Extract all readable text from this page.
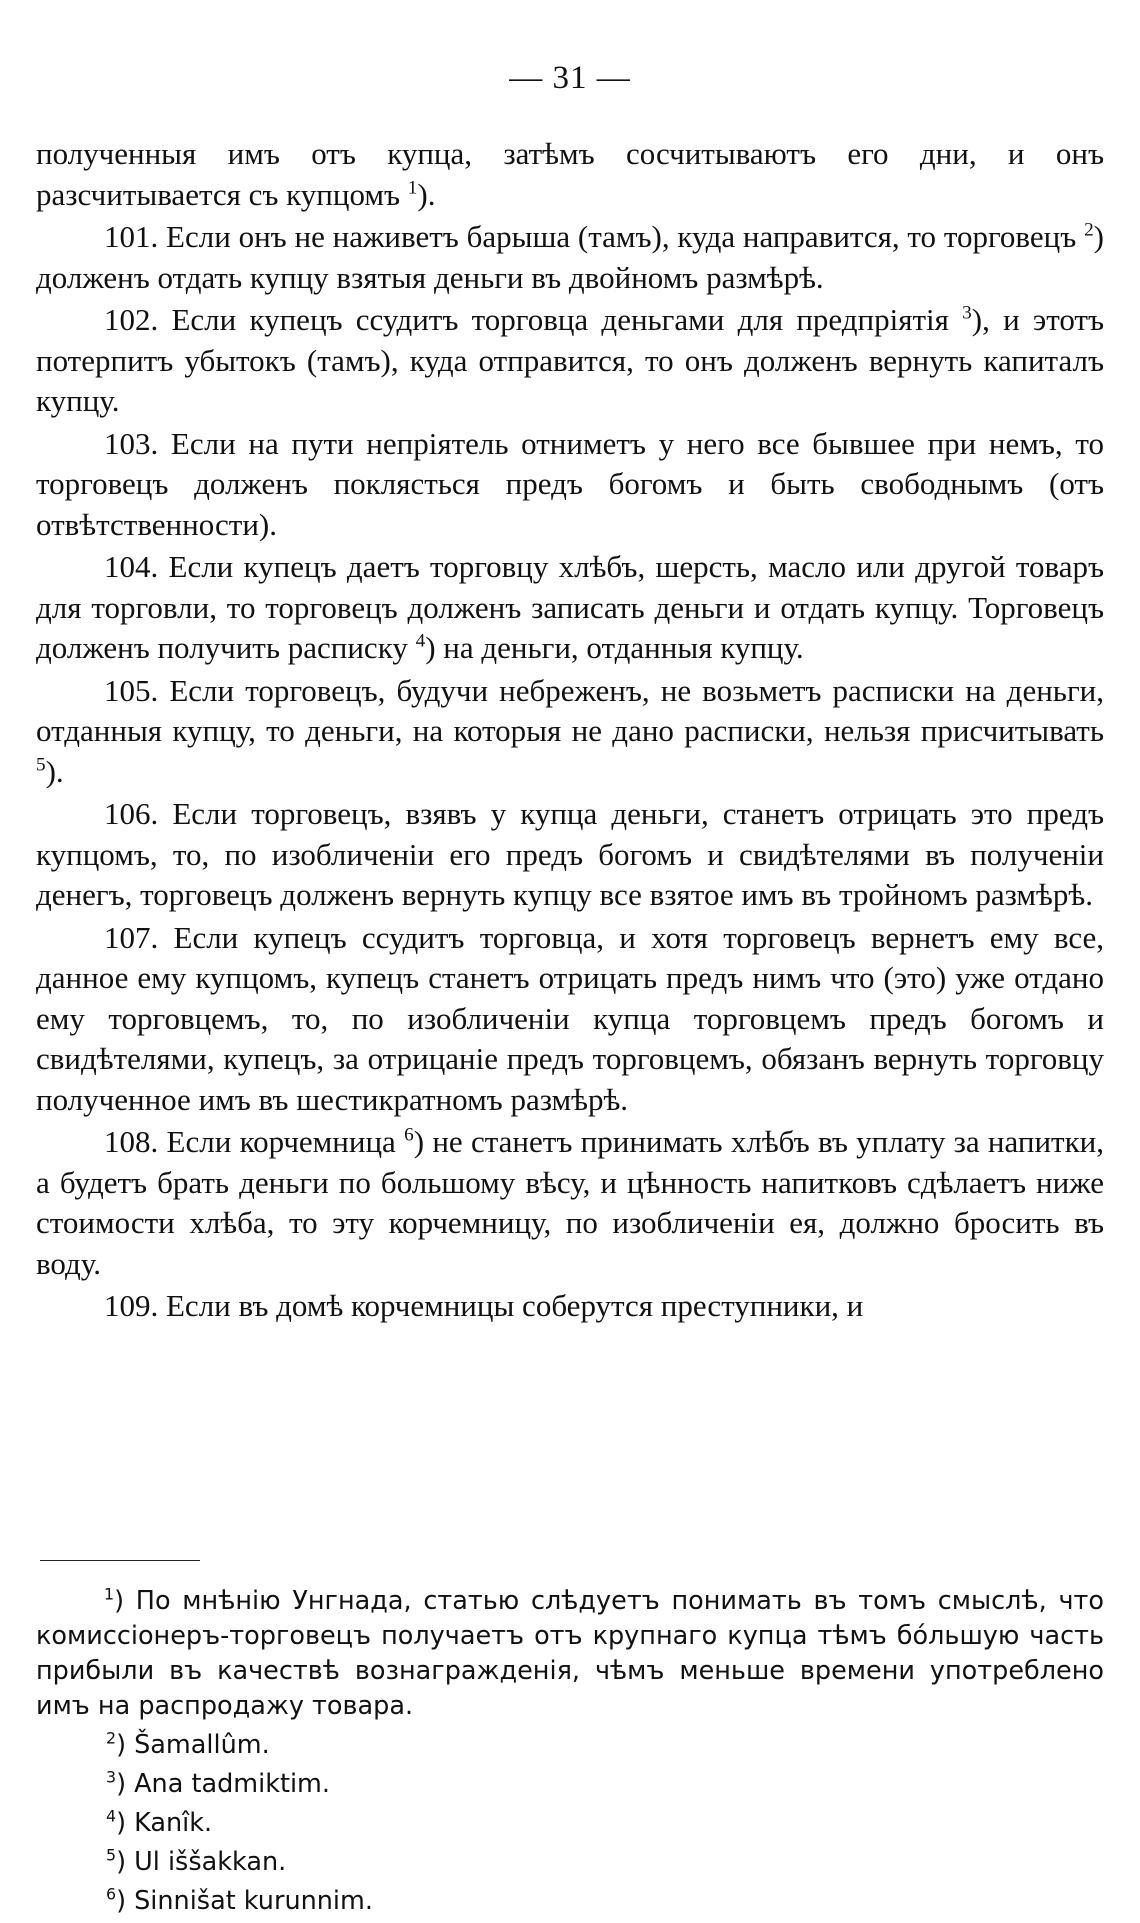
— 31 —

полученныя имъ отъ купца, затѣмъ сосчитываютъ его дни, и онъ разсчитывается съ купцомъ $^1$).

101. Если онъ не наживетъ барыша (тамъ), куда направится, то торговецъ $^2$) долженъ отдать купцу взятыя деньги въ двойномъ размѣрѣ.

102. Если купецъ ссудитъ торговца деньгами для предпріятія $^3$), и этотъ потерпитъ убытокъ (тамъ), куда отправится, то онъ долженъ вернуть капиталъ купцу.

103. Если на пути непріятель отниметъ у него все бывшее при немъ, то торговецъ долженъ поклясться предъ богомъ и быть свободнымъ (отъ отвѣтственности).

104. Если купецъ даетъ торговцу хлѣбъ, шерсть, масло или другой товаръ для торговли, то торговецъ долженъ записать деньги и отдать купцу. Торговецъ долженъ получить расписку $^4$) на деньги, отданныя купцу.

105. Если торговецъ, будучи небреженъ, не возьметъ расписки на деньги, отданныя купцу, то деньги, на которыя не дано расписки, нельзя присчитывать $^5$).

106. Если торговецъ, взявъ у купца деньги, станетъ отрицать это предъ купцомъ, то, по изобличеніи его предъ богомъ и свидѣтелями въ полученіи денегъ, торговецъ долженъ вернуть купцу все взятое имъ въ тройномъ размѣрѣ.

107. Если купецъ ссудитъ торговца, и хотя торговецъ вернетъ ему все, данное ему купцомъ, купецъ станетъ отрицать предъ нимъ что (это) уже отдано ему торговцемъ, то, по изобличеніи купца торговцемъ предъ богомъ и свидѣтелями, купецъ, за отрицаніе предъ торговцемъ, обязанъ вернуть торговцу полученное имъ въ шестикратномъ размѣрѣ.

108. Если корчемница $^6$) не станетъ принимать хлѣбъ въ уплату за напитки, а будетъ брать деньги по большому вѣсу, и цѣнность напитковъ сдѣлаетъ ниже стоимости хлѣба, то эту корчемницу, по изобличеніи ея, должно бросить въ воду.

109. Если въ домѣ корчемницы соберутся преступники, и

$^1$) По мнѣнію Унгнада, статью слѣдуетъ понимать въ томъ смыслѣ, что комиссіонеръ-торговецъ получаетъ отъ крупнаго купца тѣмъ бóльшую часть прибыли въ качествѣ вознагражденія, чѣмъ меньше времени употреблено имъ на распродажу товара.

$^2$) Šamallûm.

$^3$) Ana tadmiktim.

$^4$) Kanîk.

$^5$) Ul iššakkan.

$^6$) Sinnišat kurunnim.
